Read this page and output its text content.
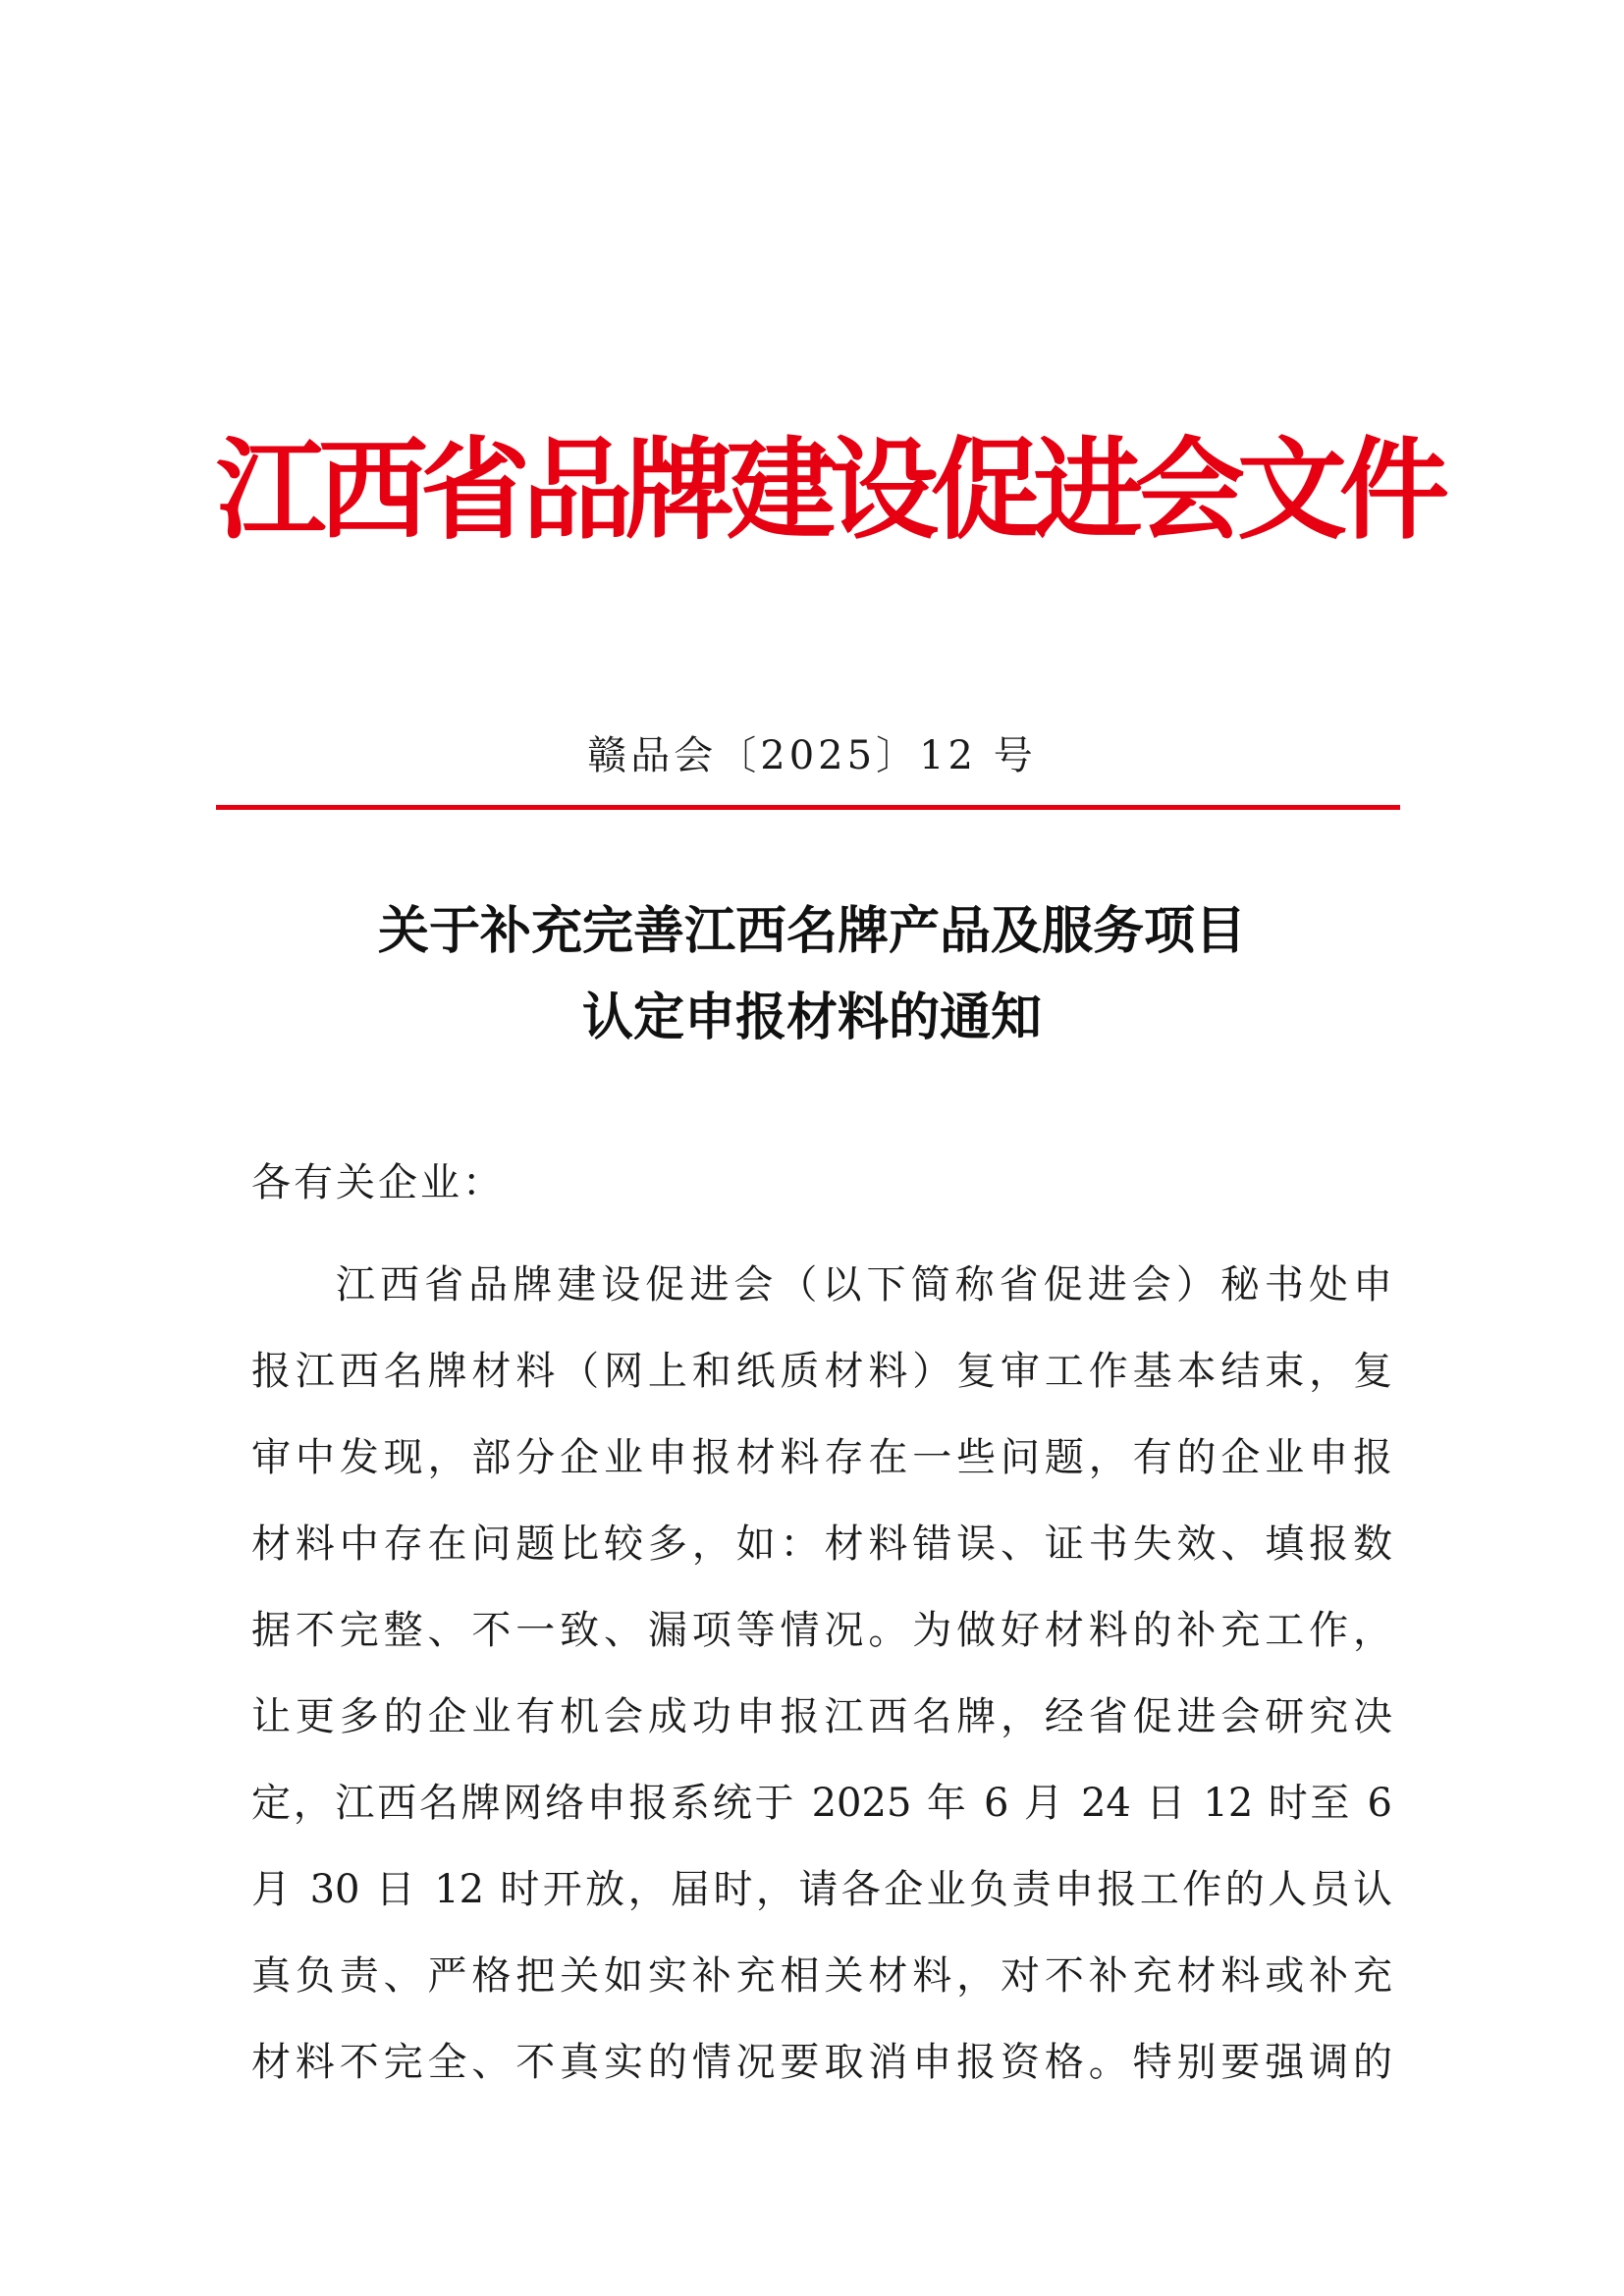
江西省品牌建设促进会文件
赣品会〔2025〕12 号
关于补充完善江西名牌产品及服务项目
认定申报材料的通知
各有关企业：
江西省品牌建设促进会（以下简称省促进会）秘书处申
报江西名牌材料（网上和纸质材料）复审工作基本结束，复
审中发现，部分企业申报材料存在一些问题，有的企业申报
材料中存在问题比较多，如：材料错误、证书失效、填报数
据不完整、不一致、漏项等情况。为做好材料的补充工作，
让更多的企业有机会成功申报江西名牌，经省促进会研究决
定，江西名牌网络申报系统于 2025 年 6 月 24 日 12 时至 6
月 30 日 12 时开放，届时，请各企业负责申报工作的人员认
真负责、严格把关如实补充相关材料，对不补充材料或补充
材料不完全、不真实的情况要取消申报资格。特别要强调的
